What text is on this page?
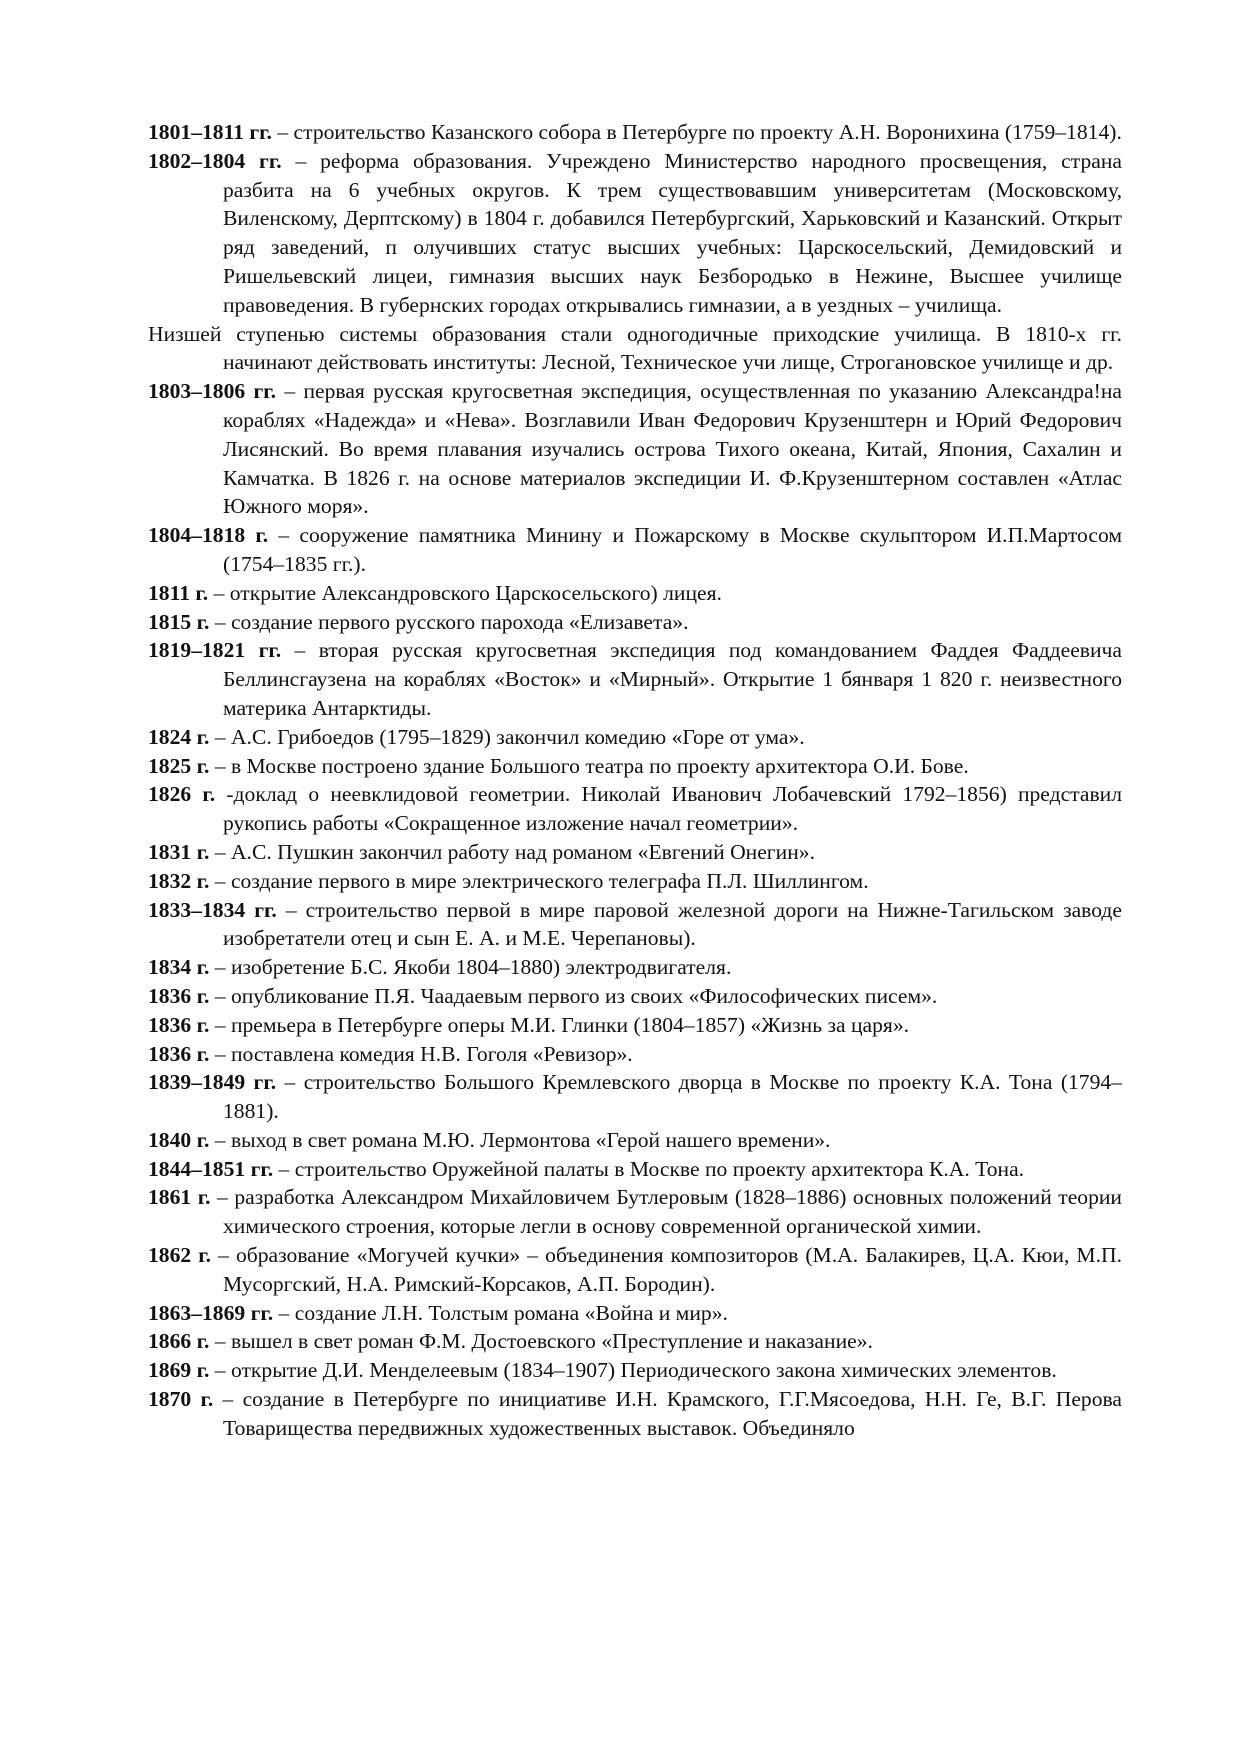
1801–1811 гг. – строительство Казанского собора в Петербурге по проекту А.Н. Воронихина (1759–1814).

1802–1804 гг. – реформа образования. Учреждено Министерство народного просвещения, страна разбита на 6 учебных округов. К трем существовавшим университетам (Московскому, Виленскому, Дерптскому) в 1804 г. добавился Петербургский, Харьковский и Казанский. Открыт ряд заведений, п олучивших статус высших учебных: Царскосельский, Демидовский и Ришельевский лицеи, гимназия высших наук Безбородько в Нежине, Высшее училище правоведения. В губернских городах открывались гимназии, а в уездных – училища.

Низшей ступенью системы образования стали одногодичные приходские училища. В 1810-х гг. начинают действовать институты: Лесной, Техническое учи лище, Строгановское училище и др.

1803–1806 гг. – первая русская кругосветная экспедиция, осуществленная по указанию Александра!на кораблях «Надежда» и «Нева». Возглавили Иван Федорович Крузенштерн и Юрий Федорович Лисянский. Во время плавания изучались острова Тихого океана, Китай, Япония, Сахалин и Камчатка. В 1826 г. на основе материалов экспедиции И. Ф.Крузенштерном составлен «Атлас Южного моря».

1804–1818 г. – сооружение памятника Минину и Пожарскому в Москве скульптором И.П.Мартосом (1754–1835 гг.).

1811 г. – открытие Александровского Царскосельского) лицея.

1815 г. – создание первого русского парохода «Елизавета».

1819–1821 гг. – вторая русская кругосветная экспедиция под командованием Фаддея Фаддеевича Беллинсгаузена на кораблях «Восток» и «Мирный». Открытие 1 бянваря 1 820 г. неизвестного материка Антарктиды.

1824 г. – А.С. Грибоедов (1795–1829) закончил комедию «Горе от ума».

1825 г. – в Москве построено здание Большого театра по проекту архитектора О.И. Бове.

1826 г. -доклад о неевклидовой геометрии. Николай Иванович Лобачевский 1792–1856) представил рукопись работы «Сокращенное изложение начал геометрии».

1831 г. – А.С. Пушкин закончил работу над романом «Евгений Онегин».

1832 г. – создание первого в мире электрического телеграфа П.Л. Шиллингом.

1833–1834 гг. – строительство первой в мире паровой железной дороги на Нижне-Тагильском заводе изобретатели отец и сын Е. А. и М.Е. Черепановы).

1834 г. – изобретение Б.С. Якоби 1804–1880) электродвигателя.

1836 г. – опубликование П.Я. Чаадаевым первого из своих «Философических писем».

1836 г. – премьера в Петербурге оперы М.И. Глинки (1804–1857) «Жизнь за царя».

1836 г. – поставлена комедия Н.В. Гоголя «Ревизор».

1839–1849 гг. – строительство Большого Кремлевского дворца в Москве по проекту К.А. Тона (1794–1881).

1840 г. – выход в свет романа М.Ю. Лермонтова «Герой нашего времени».

1844–1851 гг. – строительство Оружейной палаты в Москве по проекту архитектора К.А. Тона.

1861 г. – разработка Александром Михайловичем Бутлеровым (1828–1886) основных положений теории химического строения, которые легли в основу современной органической химии.

1862 г. – образование «Могучей кучки» – объединения композиторов (М.А. Балакирев, Ц.А. Кюи, М.П. Мусоргский, Н.А. Римский-Корсаков, А.П. Бородин).

1863–1869 гг. – создание Л.Н. Толстым романа «Война и мир».

1866 г. – вышел в свет роман Ф.М. Достоевского «Преступление и наказание».

1869 г. – открытие Д.И. Менделеевым (1834–1907) Периодического закона химических элементов.

1870 г. – создание в Петербурге по инициативе И.Н. Крамского, Г.Г.Мясоедова, Н.Н. Ге, В.Г. Перова Товарищества передвижных художественных выставок. Объединяло
